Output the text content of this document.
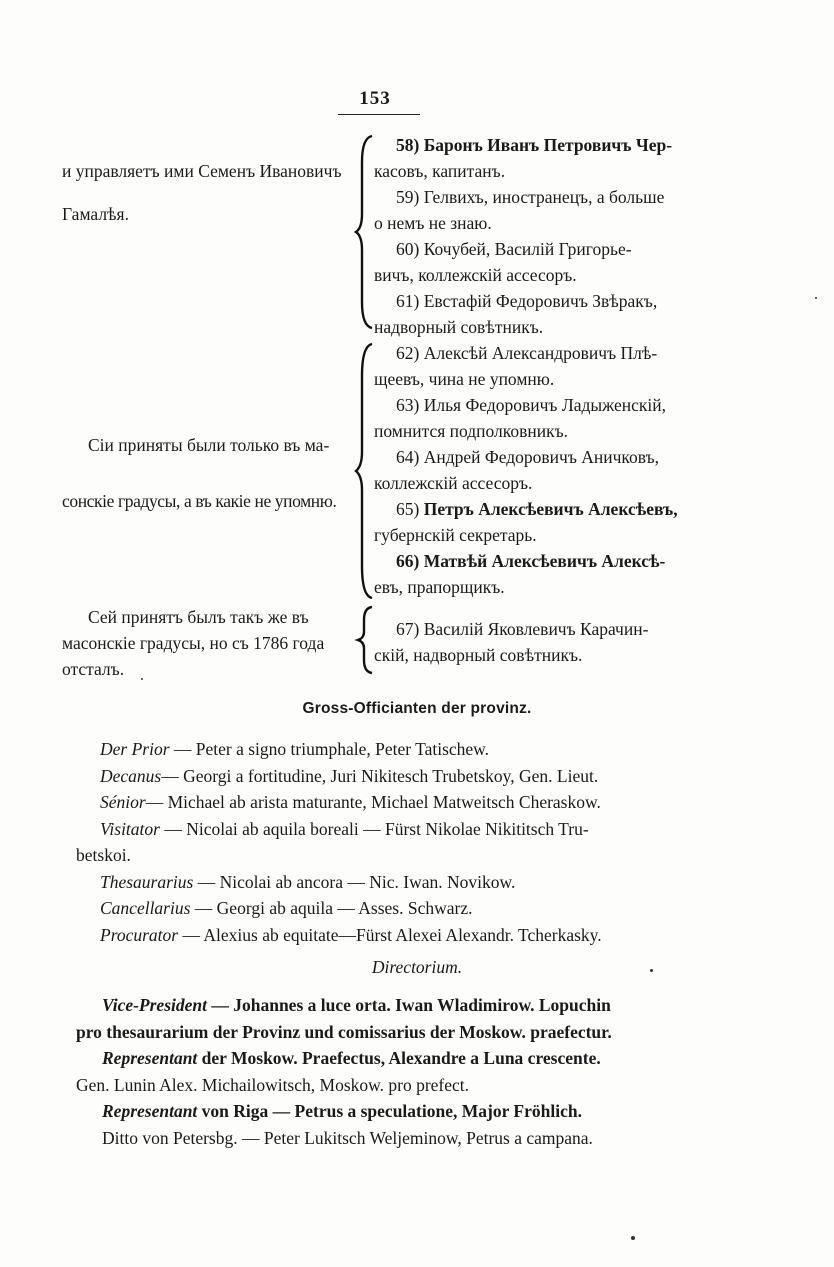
153
и управляетъ ими Семенъ Ивановичъ
Гамалѣя.
Сіи приняты были только въ ма-
сонскіе градусы, а въ какіе не упомню.
Сей принятъ былъ такъ же въ
масонскіе градусы, но съ 1786 года
отсталъ.
58) Баронъ Иванъ Петровичъ Чер-
касовъ, капитанъ.
59) Гелвихъ, иностранецъ, а больше
о немъ не знаю.
60) Кочубей, Василій Григорье-
вичъ, коллежскій ассесоръ.
61) Евстафій Федоровичъ Звѣракъ,
надворный совѣтникъ.
62) Алексѣй Александровичъ Плѣ-
щеевъ, чина не упомню.
63) Илья Федоровичъ Ладыженскій,
помнится подполковникъ.
64) Андрей Федоровичъ Аничковъ,
коллежскій ассесоръ.
65) Петръ Алексѣевичъ Алексѣевъ,
губернскій секретарь.
66) Матвѣй Алексѣевичъ Алексѣ-
евъ, прапорщикъ.
67) Василій Яковлевичъ Карачин-
скій, надворный совѣтникъ.
Gross-Officianten der provinz.
Der Prior — Peter a signo triumphale, Peter Tatischew.
Decanus— Georgi a fortitudine, Juri Nikitesch Trubetskoy, Gen. Lieut.
Sénior— Michael ab arista maturante, Michael Matweitsch Cheraskow.
Visitator — Nicolai ab aquila boreali — Fürst Nikolae Nikititsch Tru-
betskoi.
Thesaurarius — Nicolai ab ancora — Nic. Iwan. Novikow.
Cancellarius — Georgi ab aquila — Asses. Schwarz.
Procurator — Alexius ab equitate—Fürst Alexei Alexandr. Tcherkasky.
Directorium.
Vice-President — Johannes a luce orta. Iwan Wladimirow. Lopuchin
pro thesaurarium der Provinz und comissarius der Moskow. praefectur.
Representant der Moskow. Praefectus, Alexandre a Luna crescente.
Gen. Lunin Alex. Michailowitsch, Moskow. pro prefect.
Representant von Riga — Petrus a speculatione, Major Fröhlich.
Ditto von Petersbg. — Peter Lukitsch Weljeminow, Petrus a campana.
